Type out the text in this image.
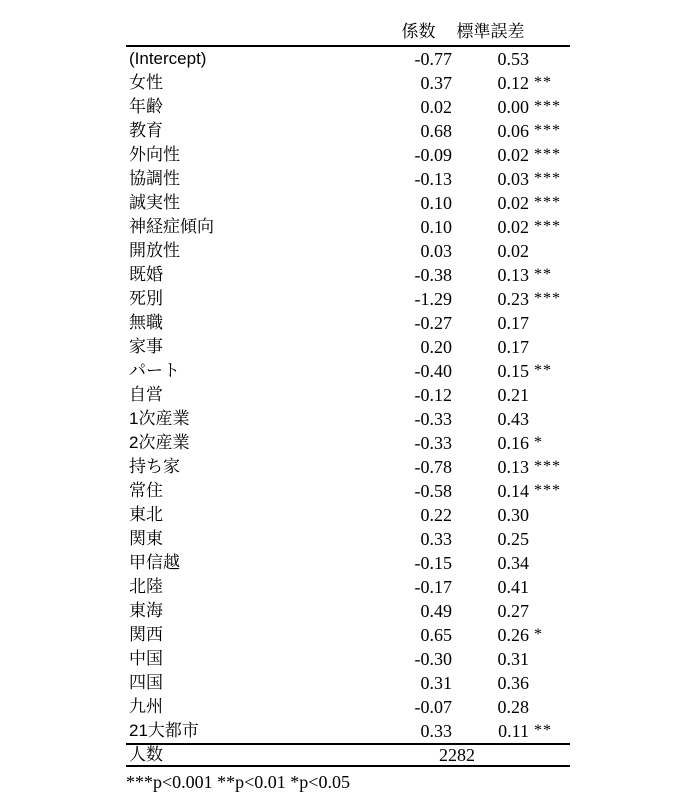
	係数	標準誤差	
(Intercept)	-0.77	0.53	
女性	0.37	0.12	**
年齢	0.02	0.00	***
教育	0.68	0.06	***
外向性	-0.09	0.02	***
協調性	-0.13	0.03	***
誠実性	0.10	0.02	***
神経症傾向	0.10	0.02	***
開放性	0.03	0.02	
既婚	-0.38	0.13	**
死別	-1.29	0.23	***
無職	-0.27	0.17	
家事	0.20	0.17	
パート	-0.40	0.15	**
自営	-0.12	0.21	
1次産業	-0.33	0.43	
2次産業	-0.33	0.16	*
持ち家	-0.78	0.13	***
常住	-0.58	0.14	***
東北	0.22	0.30	
関東	0.33	0.25	
甲信越	-0.15	0.34	
北陸	-0.17	0.41	
東海	0.49	0.27	
関西	0.65	0.26	*
中国	-0.30	0.31	
四国	0.31	0.36	
九州	-0.07	0.28	
21大都市	0.33	0.11	**
人数	2282		
***p<0.001 **p<0.01 *p<0.05
